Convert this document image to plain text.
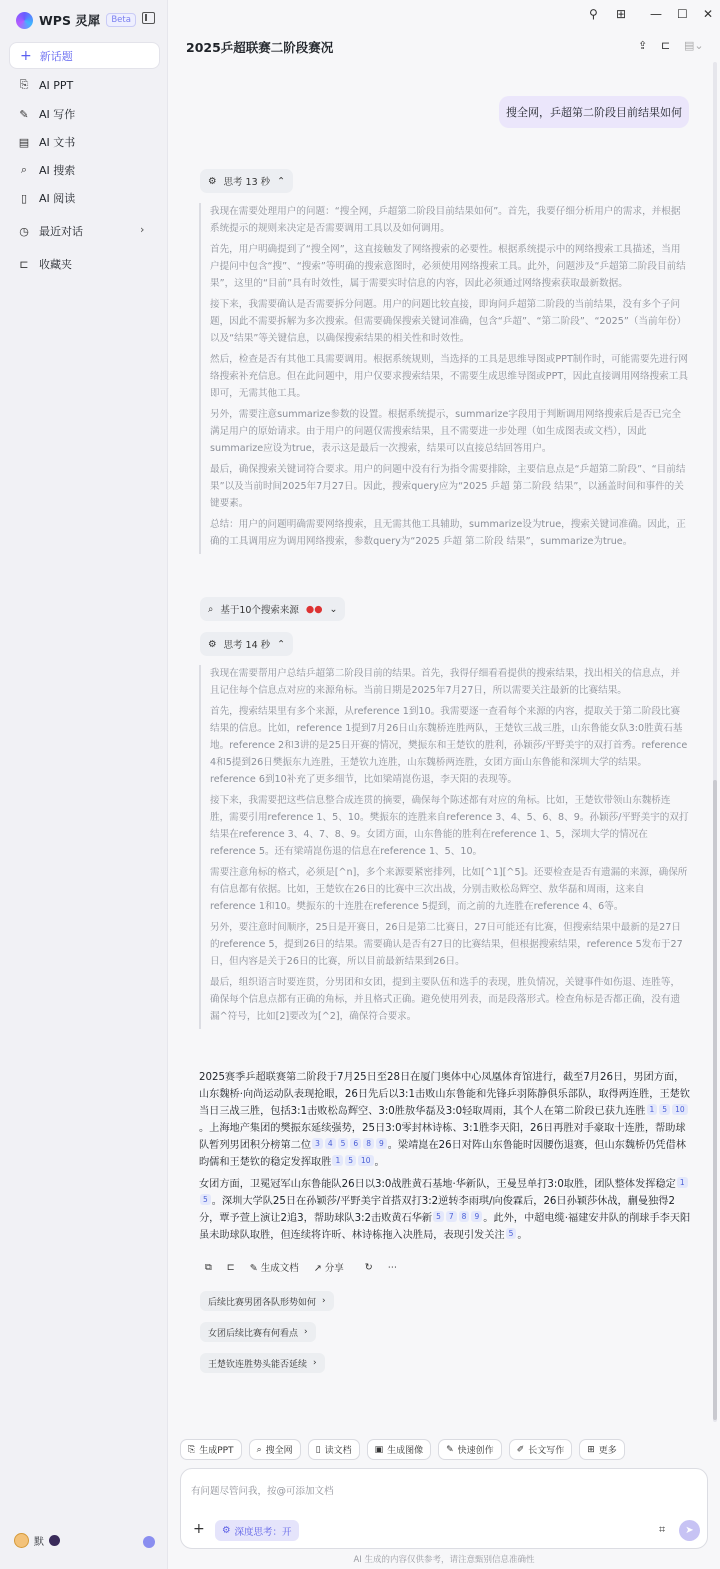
WPS 灵犀	Beta
+ 新话题
⎘ AI PPT
✎ AI 写作
▤ AI 文书
⌕ AI 搜索
▯ AI 阅读
◷ 最近对话	›
⊏ 收藏夹
默
⚲ ⊞ — ☐ ✕
2025乒超联赛二阶段赛况	⇪ ⊏ ▤⌄
搜全网，乒超第二阶段目前结果如何
⚙ 思考 13 秒 ⌃

我现在需要处理用户的问题：“搜全网，乒超第二阶段目前结果如何”。首先，我要仔细分析用户的需求，并根据系统提示的规则来决定是否需要调用工具以及如何调用。

首先，用户明确提到了“搜全网”，这直接触发了网络搜索的必要性。根据系统提示中的网络搜索工具描述，当用户提问中包含“搜”、“搜索”等明确的搜索意图时，必须使用网络搜索工具。此外，问题涉及“乒超第二阶段目前结果”，这里的“目前”具有时效性，属于需要实时信息的内容，因此必须通过网络搜索获取最新数据。

接下来，我需要确认是否需要拆分问题。用户的问题比较直接，即询问乒超第二阶段的当前结果，没有多个子问题，因此不需要拆解为多次搜索。但需要确保搜索关键词准确，包含“乒超”、“第二阶段”、“2025”（当前年份）以及“结果”等关键信息，以确保搜索结果的相关性和时效性。

然后，检查是否有其他工具需要调用。根据系统规则，当选择的工具是思维导图或PPT制作时，可能需要先进行网络搜索补充信息。但在此问题中，用户仅要求搜索结果，不需要生成思维导图或PPT，因此直接调用网络搜索工具即可，无需其他工具。

另外，需要注意summarize参数的设置。根据系统提示，summarize字段用于判断调用网络搜索后是否已完全满足用户的原始请求。由于用户的问题仅需搜索结果，且不需要进一步处理（如生成图表或文档），因此summarize应设为true，表示这是最后一次搜索，结果可以直接总结回答用户。

最后，确保搜索关键词符合要求。用户的问题中没有行为指令需要排除，主要信息点是“乒超第二阶段”、“目前结果”以及当前时间2025年7月27日。因此，搜索query应为“2025 乒超 第二阶段 结果”，以涵盖时间和事件的关键要素。

总结：用户的问题明确需要网络搜索，且无需其他工具辅助，summarize设为true，搜索关键词准确。因此，正确的工具调用应为调用网络搜索，参数query为“2025 乒超 第二阶段 结果”，summarize为true。

⌕ 基于10个搜索来源 ●● ⌄
⚙ 思考 14 秒 ⌃

我现在需要帮用户总结乒超第二阶段目前的结果。首先，我得仔细看看提供的搜索结果，找出相关的信息点，并且记住每个信息点对应的来源角标。当前日期是2025年7月27日，所以需要关注最新的比赛结果。

首先，搜索结果里有多个来源，从reference 1到10。我需要逐一查看每个来源的内容，提取关于第二阶段比赛结果的信息。比如，reference 1提到7月26日山东魏桥连胜两队，王楚钦三战三胜，山东鲁能女队3:0胜黄石基地。reference 2和3讲的是25日开赛的情况，樊振东和王楚钦的胜利，孙颖莎/平野美宇的双打首秀。reference 4和5提到26日樊振东九连胜，王楚钦九连胜，山东魏桥两连胜，女团方面山东鲁能和深圳大学的结果。reference 6到10补充了更多细节，比如梁靖崑伤退，李天阳的表现等。

接下来，我需要把这些信息整合成连贯的摘要，确保每个陈述都有对应的角标。比如，王楚钦带领山东魏桥连胜，需要引用reference 1、5、10。樊振东的连胜来自reference 3、4、5、6、8、9。孙颖莎/平野美宇的双打结果在reference 3、4、7、8、9。女团方面，山东鲁能的胜利在reference 1、5，深圳大学的情况在reference 5。还有梁靖崑伤退的信息在reference 1、5、10。

需要注意角标的格式，必须是[^n]，多个来源要紧密排列，比如[^1][^5]。还要检查是否有遗漏的来源，确保所有信息都有依据。比如，王楚钦在26日的比赛中三次出战，分别击败松岛辉空、敖华磊和周雨，这来自reference 1和10。樊振东的十连胜在reference 5提到，而之前的九连胜在reference 4、6等。

另外，要注意时间顺序，25日是开赛日，26日是第二比赛日，27日可能还有比赛，但搜索结果中最新的是27日的reference 5，提到26日的结果。需要确认是否有27日的比赛结果，但根据搜索结果，reference 5发布于27日，但内容是关于26日的比赛，所以目前最新结果到26日。

最后，组织语言时要连贯，分男团和女团，提到主要队伍和选手的表现，胜负情况，关键事件如伤退、连胜等，确保每个信息点都有正确的角标，并且格式正确。避免使用列表，而是段落形式。检查角标是否都正确，没有遗漏^符号，比如[2]要改为[^2]，确保符合要求。

2025赛季乒超联赛第二阶段于7月25日至28日在厦门奥体中心凤凰体育馆进行，截至7月26日，男团方面，山东魏桥·向尚运动队表现抢眼，26日先后以3:1击败山东鲁能和先锋乒羽陈静俱乐部队，取得两连胜，王楚钦当日三战三胜，包括3:1击败松岛辉空、3:0胜敖华磊及3:0轻取周雨，其个人在第二阶段已获九连胜 1 5 10。上海地产集团的樊振东延续强势，25日3:0零封林诗栋、3:1胜李天阳，26日再胜对手豪取十连胜，帮助球队暂列男团积分榜第二位 3 4 5 6 8 9 。梁靖崑在26日对阵山东鲁能时因腰伤退赛，但山东魏桥仍凭借林昀儒和王楚钦的稳定发挥取胜 1 5 10 。

女团方面，卫冕冠军山东鲁能队26日以3:0战胜黄石基地·华新队，王曼昱单打3:0取胜，团队整体发挥稳定 15 。深圳大学队25日在孙颖莎/平野美宇首搭双打3:2逆转李雨琪/向俊霖后，26日孙颖莎休战，蒯曼独得2分，覃予萱上演让2追3，帮助球队3:2击败黄石华新 5 7 8 9 。此外，中超电缆·福建安井队的削球手李天阳虽未助球队取胜，但连续将许昕、林诗栋拖入决胜局，表现引发关注 5 。

⧉ ⊏ ✎ 生成文档 ↗ 分享 ↻ ⋯
后续比赛男团各队形势如何 ›
女团后续比赛有何看点 ›
王楚钦连胜势头能否延续 ›
⎘ 生成PPT	⌕ 搜全网	▯ 读文档	▣ 生成图像	✎ 快速创作	✐ 长文写作	⊞ 更多
有问题尽管问我，按@可添加文档
+ ⚙ 深度思考：开	⌗ ➤
AI 生成的内容仅供参考，请注意甄别信息准确性
